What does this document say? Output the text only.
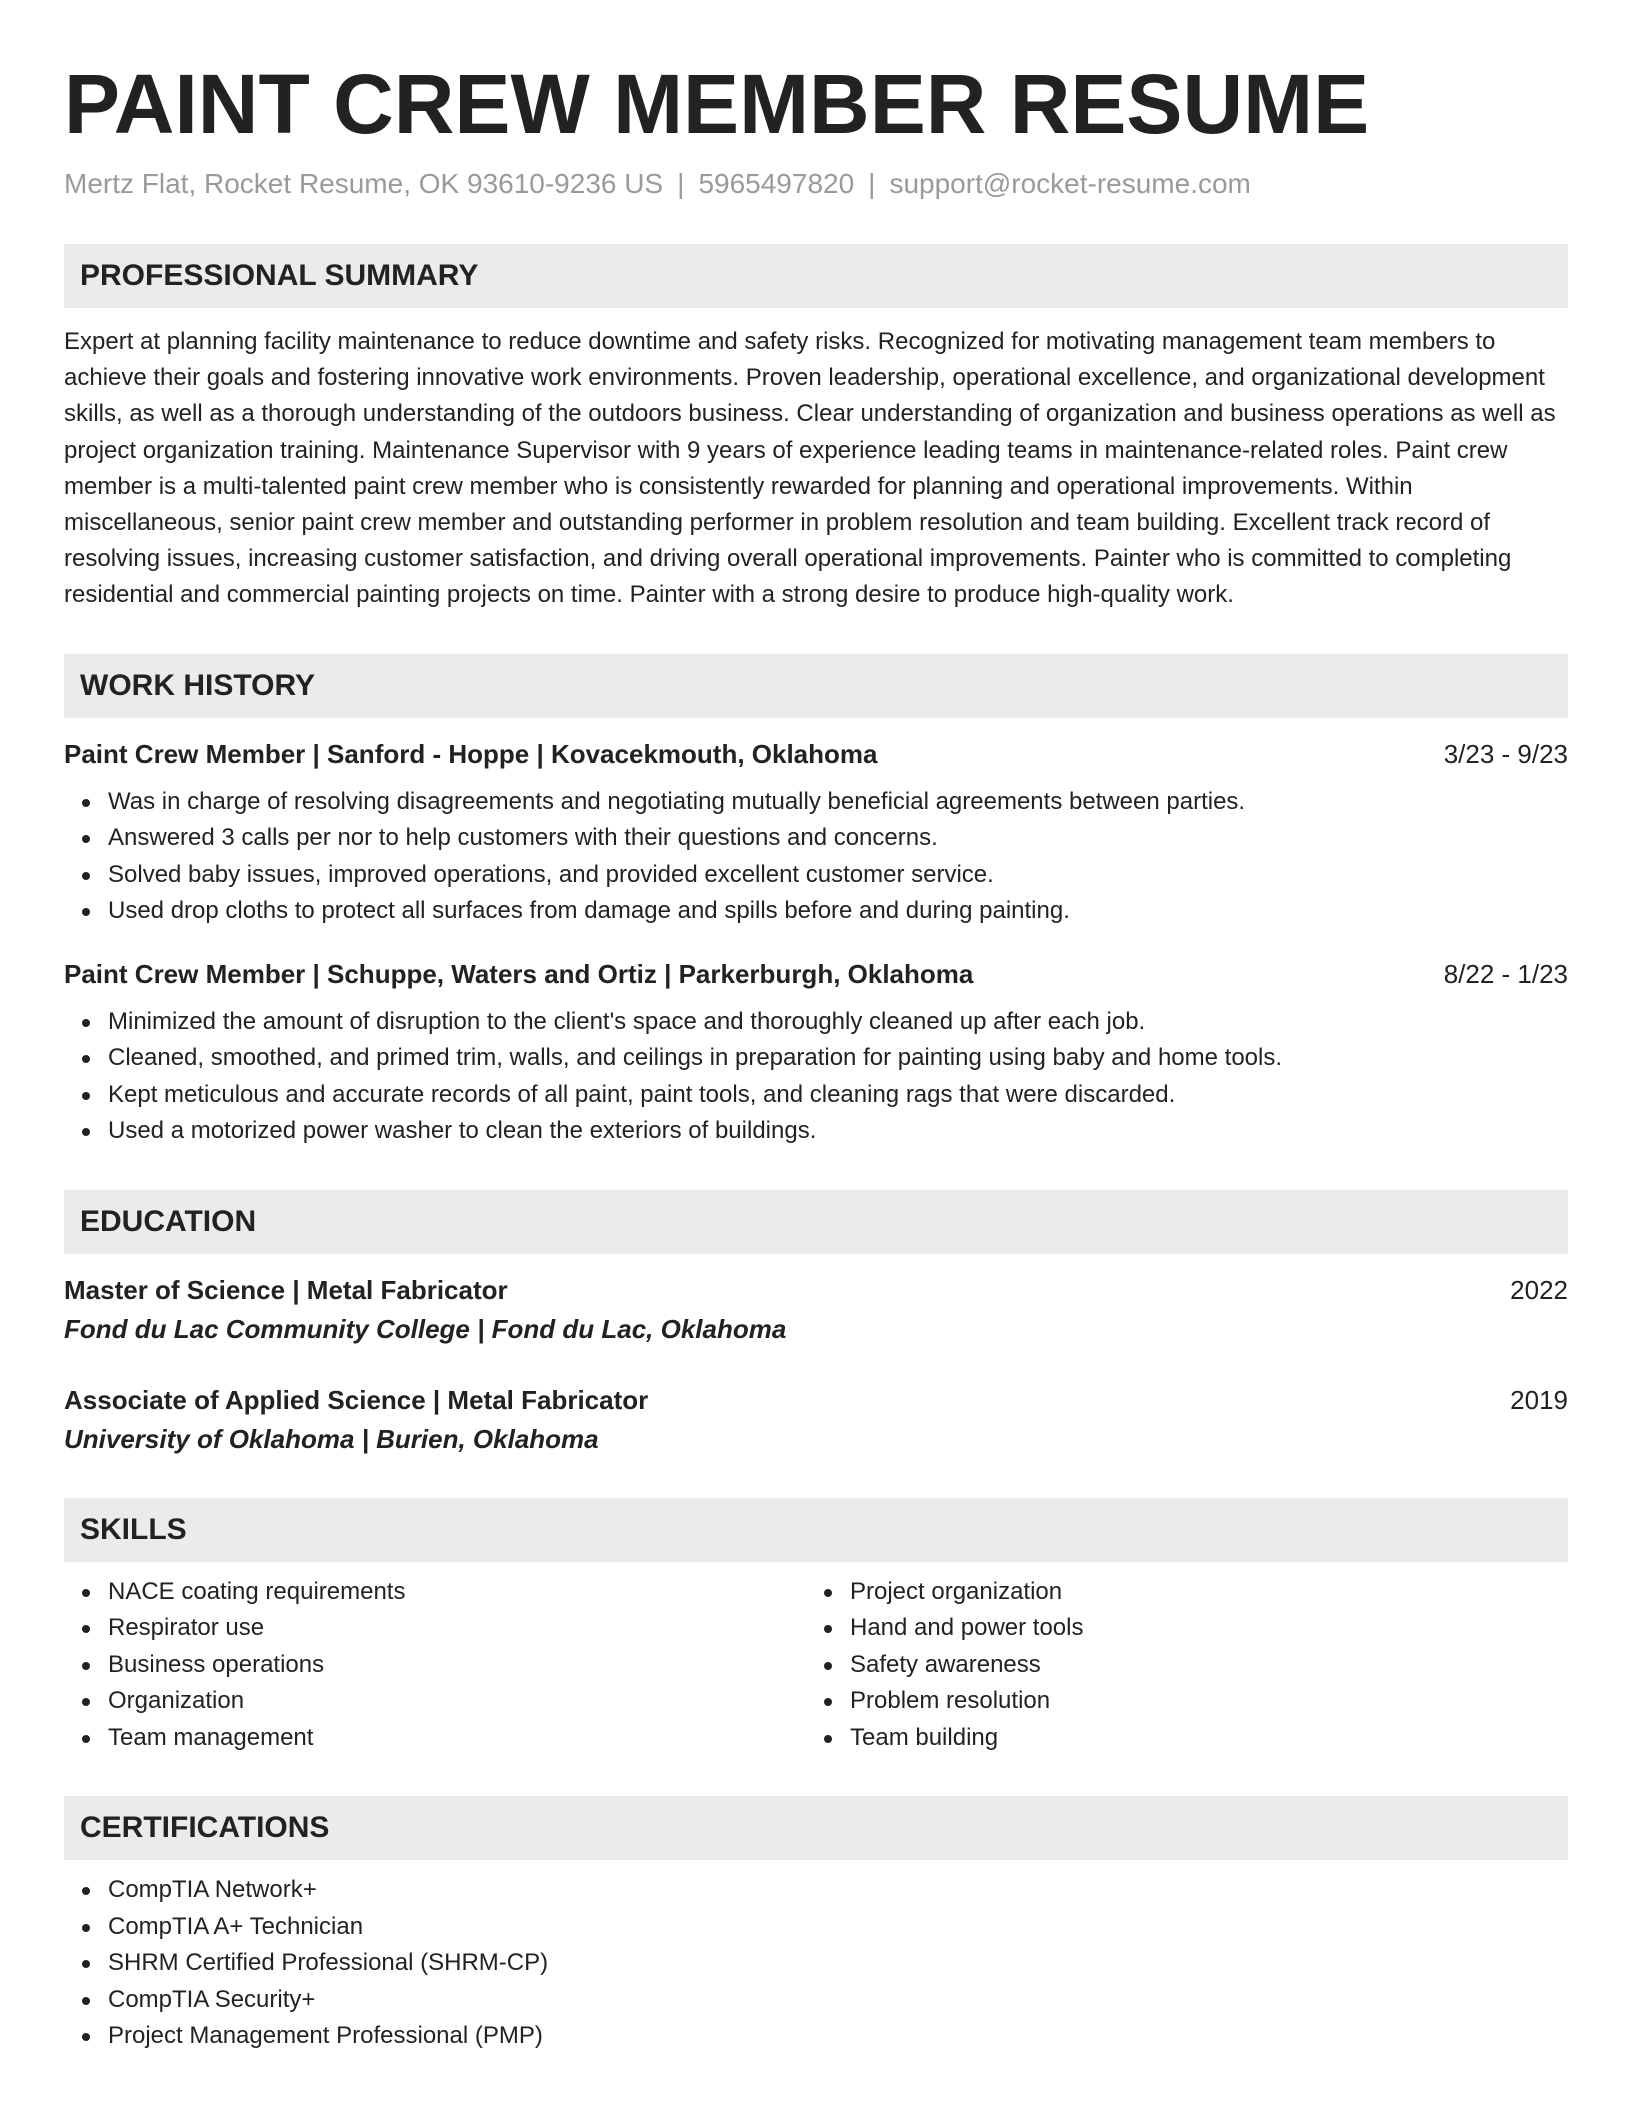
PAINT CREW MEMBER RESUME
Mertz Flat, Rocket Resume, OK 93610-9236 US | 5965497820 | support@rocket-resume.com
PROFESSIONAL SUMMARY
Expert at planning facility maintenance to reduce downtime and safety risks. Recognized for motivating management team members to achieve their goals and fostering innovative work environments. Proven leadership, operational excellence, and organizational development skills, as well as a thorough understanding of the outdoors business. Clear understanding of organization and business operations as well as project organization training. Maintenance Supervisor with 9 years of experience leading teams in maintenance-related roles. Paint crew member is a multi-talented paint crew member who is consistently rewarded for planning and operational improvements. Within miscellaneous, senior paint crew member and outstanding performer in problem resolution and team building. Excellent track record of resolving issues, increasing customer satisfaction, and driving overall operational improvements. Painter who is committed to completing residential and commercial painting projects on time. Painter with a strong desire to produce high-quality work.
WORK HISTORY
Paint Crew Member | Sanford - Hoppe | Kovacekmouth, Oklahoma	3/23 - 9/23
Was in charge of resolving disagreements and negotiating mutually beneficial agreements between parties.
Answered 3 calls per nor to help customers with their questions and concerns.
Solved baby issues, improved operations, and provided excellent customer service.
Used drop cloths to protect all surfaces from damage and spills before and during painting.
Paint Crew Member | Schuppe, Waters and Ortiz | Parkerburgh, Oklahoma	8/22 - 1/23
Minimized the amount of disruption to the client's space and thoroughly cleaned up after each job.
Cleaned, smoothed, and primed trim, walls, and ceilings in preparation for painting using baby and home tools.
Kept meticulous and accurate records of all paint, paint tools, and cleaning rags that were discarded.
Used a motorized power washer to clean the exteriors of buildings.
EDUCATION
Master of Science | Metal Fabricator	2022
Fond du Lac Community College | Fond du Lac, Oklahoma
Associate of Applied Science | Metal Fabricator	2019
University of Oklahoma | Burien, Oklahoma
SKILLS
NACE coating requirements
Respirator use
Business operations
Organization
Team management
Project organization
Hand and power tools
Safety awareness
Problem resolution
Team building
CERTIFICATIONS
CompTIA Network+
CompTIA A+ Technician
SHRM Certified Professional (SHRM-CP)
CompTIA Security+
Project Management Professional (PMP)
